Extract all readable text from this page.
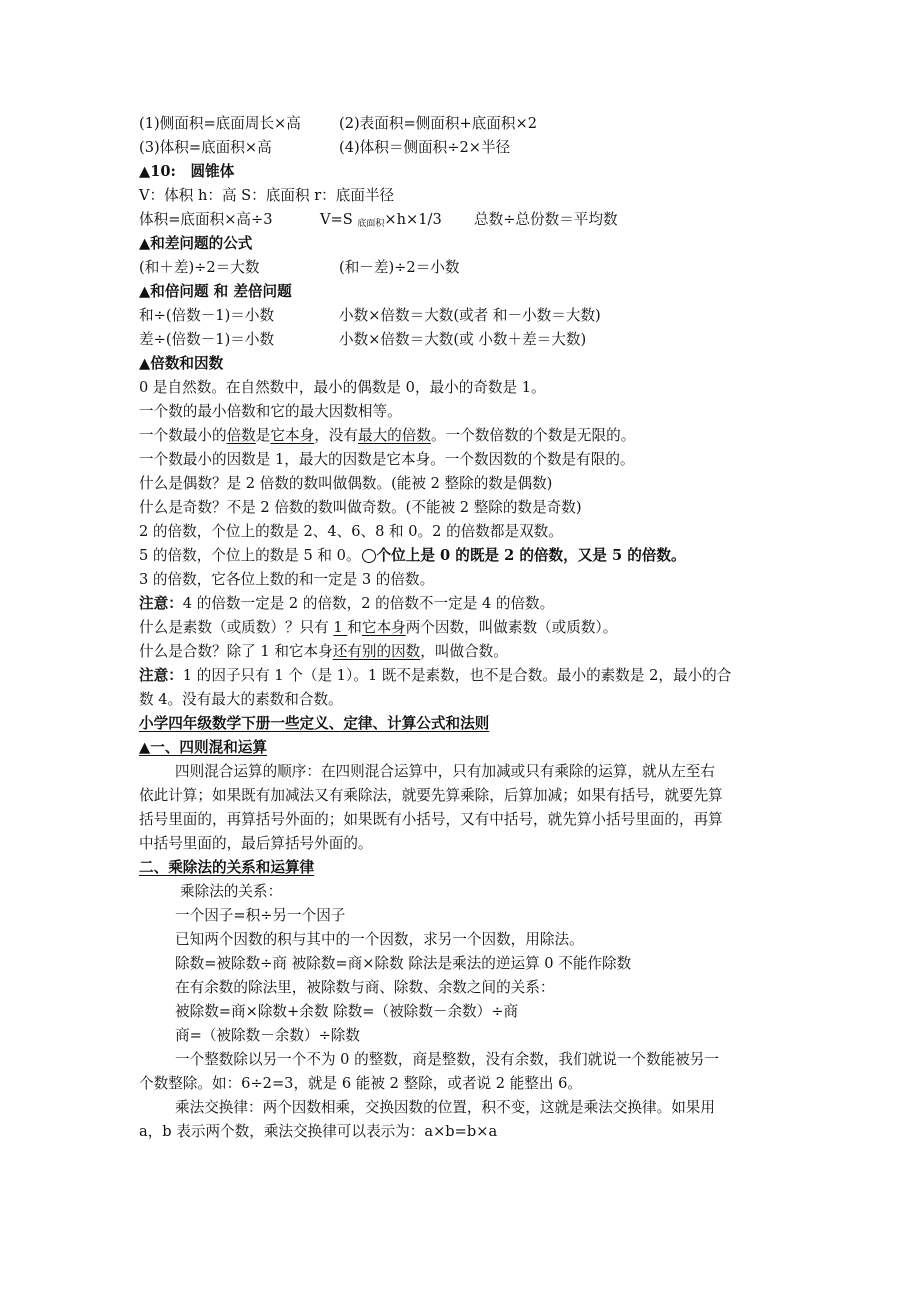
(1)侧面积=底面周长×高	(2)表面积=侧面积+底面积×2
(3)体积=底面积×高	(4)体积＝侧面积÷2×半径
▲10:　圆锥体
V：体积 h：高 S：底面积 r：底面半径
体积=底面积×高÷3	V=S $_{底面积}$×h×1/3 总数÷总份数＝平均数
▲和差问题的公式
(和＋差)÷2＝大数	(和－差)÷2＝小数
▲和倍问题 和 差倍问题
和÷(倍数－1)＝小数	小数×倍数＝大数(或者 和－小数＝大数)
差÷(倍数－1)＝小数	小数×倍数＝大数(或 小数＋差＝大数)
▲倍数和因数
0 是自然数。在自然数中，最小的偶数是 0，最小的奇数是 1。
一个数的最小倍数和它的最大因数相等。
一个数最小的倍数是它本身，没有最大的倍数。一个数倍数的个数是无限的。
一个数最小的因数是 1，最大的因数是它本身。一个数因数的个数是有限的。
什么是偶数？是 2 倍数的数叫做偶数。(能被 2 整除的数是偶数)
什么是奇数？不是 2 倍数的数叫做奇数。(不能被 2 整除的数是奇数)
2 的倍数，个位上的数是 2、4、6、8 和 0。2 的倍数都是双数。
5 的倍数，个位上的数是 5 和 0。○个位上是 0 的既是 2 的倍数，又是 5 的倍数。
3 的倍数，它各位上数的和一定是 3 的倍数。
注意：4 的倍数一定是 2 的倍数，2 的倍数不一定是 4 的倍数。
什么是素数（或质数）？只有 1 和它本身两个因数，叫做素数（或质数）。
什么是合数？除了 1 和它本身还有别的因数，叫做合数。
注意：1 的因子只有 1 个（是 1）。1 既不是素数，也不是合数。最小的素数是 2，最小的合
数 4。没有最大的素数和合数。
小学四年级数学下册一些定义、定律、计算公式和法则
▲一、四则混和运算
四则混合运算的顺序：在四则混合运算中，只有加减或只有乘除的运算，就从左至右
依此计算；如果既有加减法又有乘除法，就要先算乘除，后算加减；如果有括号，就要先算
括号里面的，再算括号外面的；如果既有小括号，又有中括号，就先算小括号里面的，再算
中括号里面的，最后算括号外面的。
二、乘除法的关系和运算律
乘除法的关系：
一个因子=积÷另一个因子
已知两个因数的积与其中的一个因数，求另一个因数，用除法。
除数=被除数÷商 被除数=商×除数 除法是乘法的逆运算 0 不能作除数
在有余数的除法里，被除数与商、除数、余数之间的关系：
被除数=商×除数+余数 除数=（被除数－余数）÷商
商=（被除数－余数）÷除数
一个整数除以另一个不为 0 的整数，商是整数，没有余数，我们就说一个数能被另一
个数整除。如：6÷2=3，就是 6 能被 2 整除，或者说 2 能整出 6。
乘法交换律：两个因数相乘，交换因数的位置，积不变，这就是乘法交换律。如果用
a，b 表示两个数，乘法交换律可以表示为：a×b=b×a
